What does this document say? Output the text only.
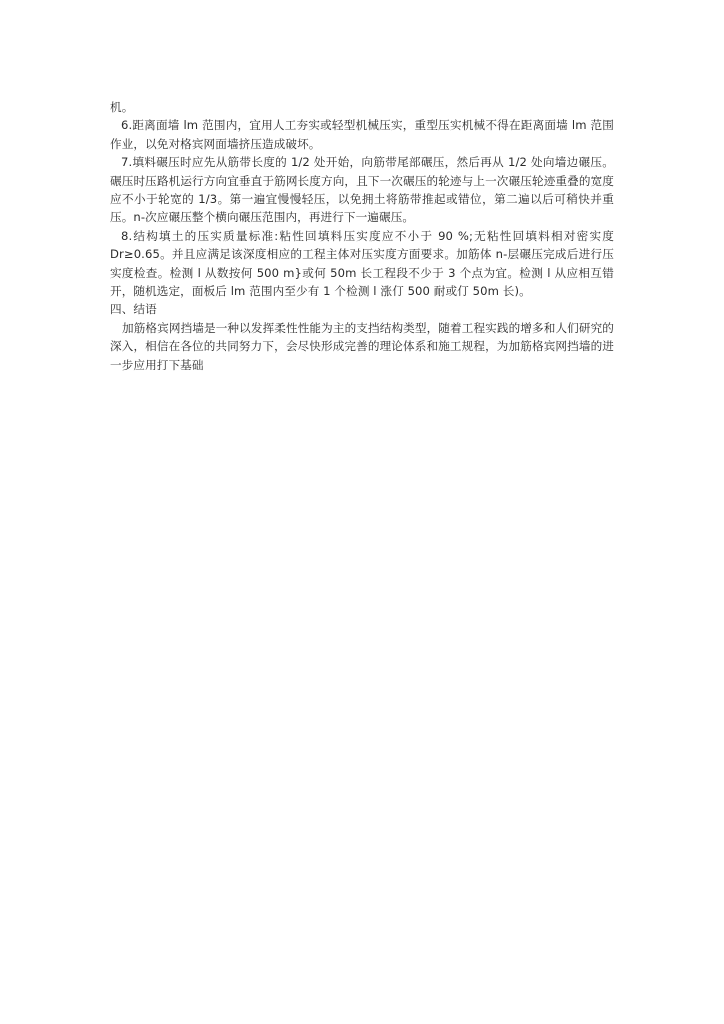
机。

6.距离面墙 lm 范围内，宜用人工夯实或轻型机械压实，重型压实机械不得在距离面墙 lm 范围作业，以免对格宾网面墙挤压造成破坏。

7.填料碾压时应先从筋带长度的 1/2 处开始，向筋带尾部碾压，然后再从 1/2 处向墙边碾压。碾压时压路机运行方向宜垂直于筋网长度方向，且下一次碾压的轮迹与上一次碾压轮迹重叠的宽度应不小于轮宽的 1/3。第一遍宜慢慢轻压，以免拥土将筋带推起或错位，第二遍以后可稍快并重压。n-次应碾压整个横向碾压范围内，再进行下一遍碾压。

8.结构填土的压实质量标准:粘性回填料压实度应不小于 90 %;无粘性回填料相对密实度 Dr≥0.65。并且应满足该深度相应的工程主体对压实度方面要求。加筋体 n-层碾压完成后进行压实度检查。检测 l 从数按何 500 m}或何 50m 长工程段不少于 3 个点为宜。检测 l 从应相互错开，随机选定，面板后 lm 范围内至少有 1 个检测 l 涨仃 500 耐或仃 50m 长)。

四、结语

加筋格宾网挡墙是一种以发挥柔性性能为主的支挡结构类型，随着工程实践的增多和人们研究的深入，相信在各位的共同努力下，会尽快形成完善的理论体系和施工规程，为加筋格宾网挡墙的进一步应用打下基础
